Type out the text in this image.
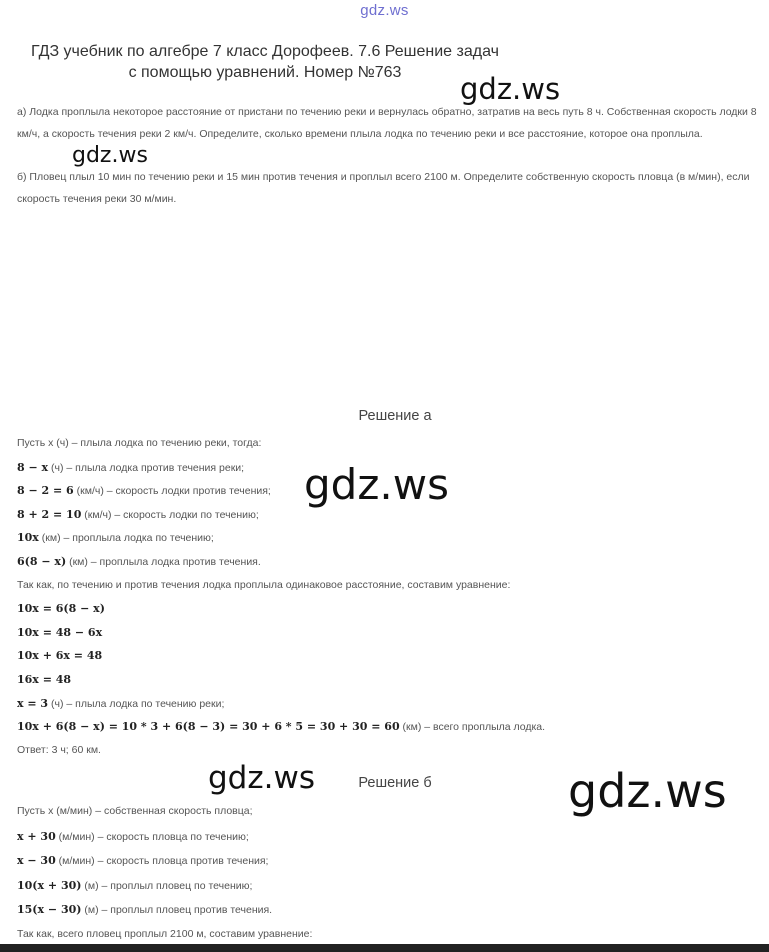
gdz.ws
ГДЗ учебник по алгебре 7 класс Дорофеев. 7.6 Решение задач
с помощью уравнений. Номер №763	gdz.ws
gdz.ws
gdz.ws
gdz.ws	gdz.ws
а) Лодка проплыла некоторое расстояние от пристани по течению реки и вернулась обратно, затратив на весь путь 8 ч. Собственная скорость лодки 8 км/ч, а скорость течения реки 2 км/ч. Определите, сколько времени плыла лодка по течению реки и все расстояние, которое она проплыла.
б) Пловец плыл 10 мин по течению реки и 15 мин против течения и проплыл всего 2100 м. Определите собственную скорость пловца (в м/мин), если скорость течения реки 30 м/мин.
Решение а
Решение б
Пусть x (ч) – плыла лодка по течению реки, тогда:
8 − x (ч) – плыла лодка против течения реки;
8 − 2 = 6 (км/ч) – скорость лодки против течения;
8 + 2 = 10 (км/ч) – скорость лодки по течению;
10x (км) – проплыла лодка по течению;
6(8 − x) (км) – проплыла лодка против течения.
Так как, по течению и против течения лодка проплыла одинаковое расстояние, составим уравнение:
10x = 6(8 − x)
10x = 48 − 6x
10x + 6x = 48
16x = 48
x = 3 (ч) – плыла лодка по течению реки;
10x + 6(8 − x) = 10 * 3 + 6(8 − 3) = 30 + 6 * 5 = 30 + 30 = 60 (км) – всего проплыла лодка.
Ответ: 3 ч; 60 км.
Пусть x (м/мин) – собственная скорость пловца;
x + 30 (м/мин) – скорость пловца по течению;
x − 30 (м/мин) – скорость пловца против течения;
10(x + 30) (м) – проплыл пловец по течению;
15(x − 30) (м) – проплыл пловец против течения.
Так как, всего пловец проплыл 2100 м, составим уравнение:
